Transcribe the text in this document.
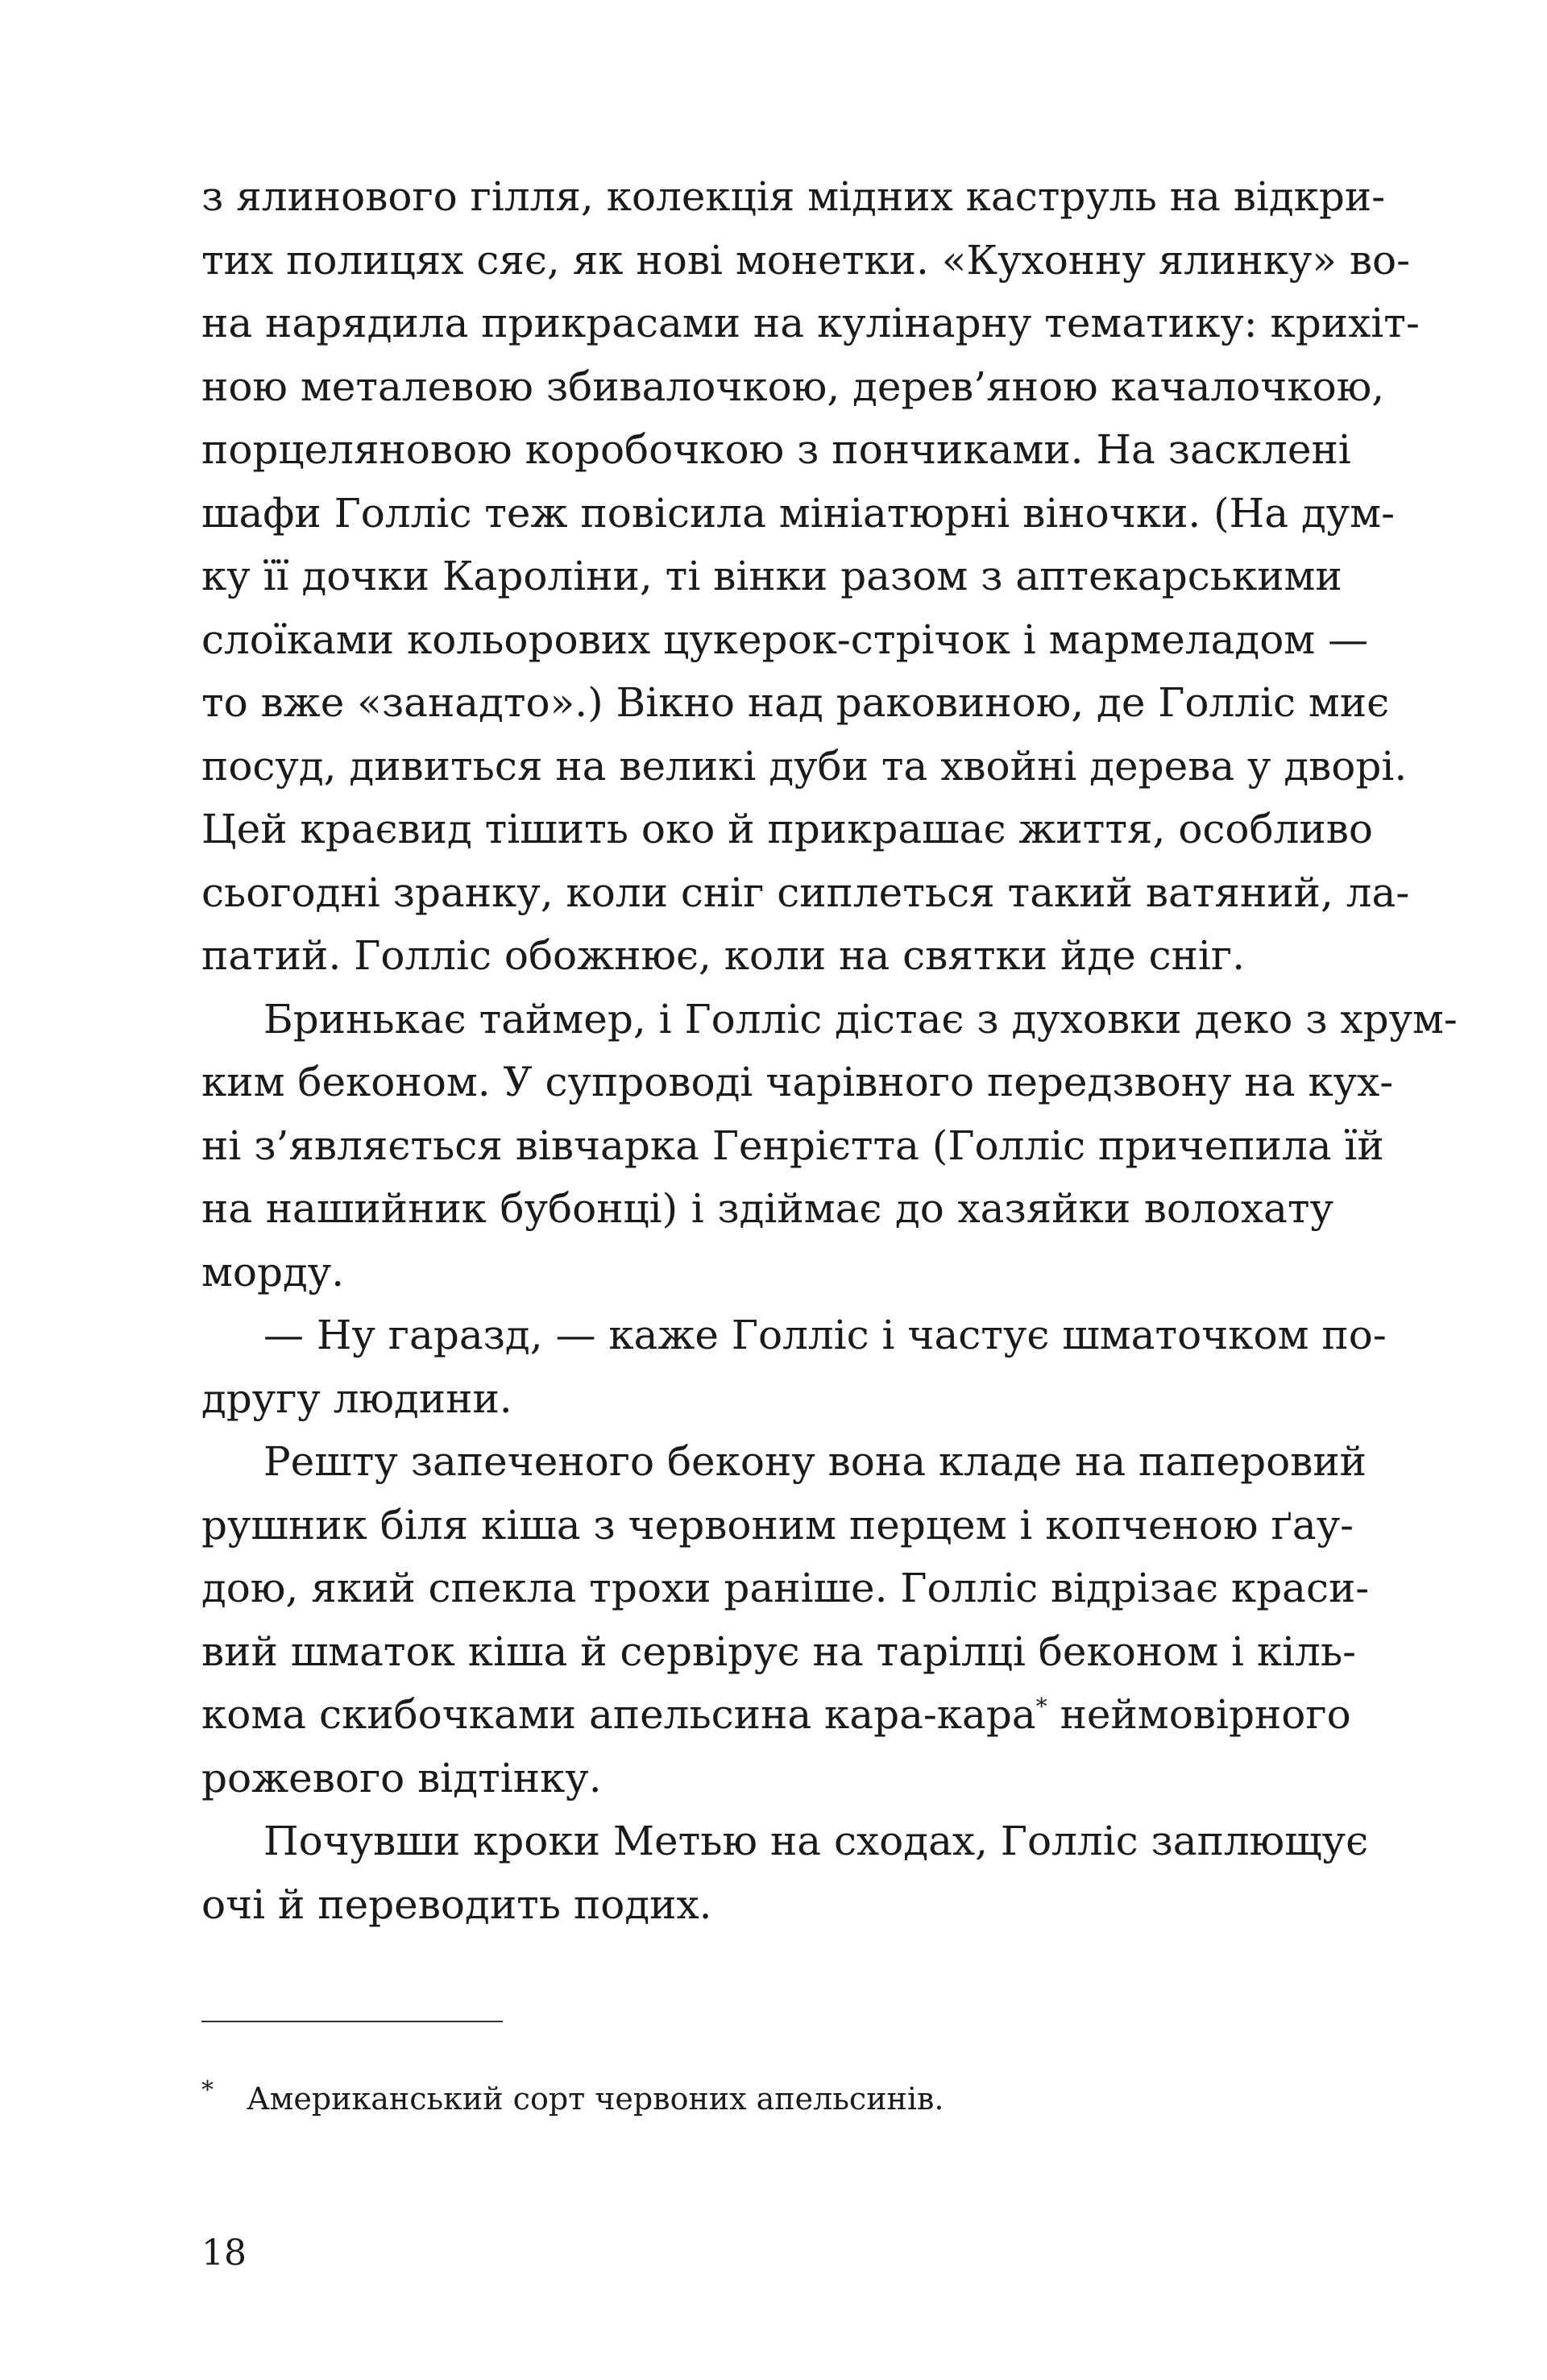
з ялинового гілля, колекція мідних каструль на відкри-
тих полицях сяє, як нові монетки. «Кухонну ялинку» во-
на нарядила прикрасами на кулінарну тематику: крихіт-
ною металевою збивалочкою, дерев’яною качалочкою,
порцеляновою коробочкою з пончиками. На засклені
шафи Голліс теж повісила мініатюрні віночки. (На дум-
ку її дочки Кароліни, ті вінки разом з аптекарськими
слоїками кольорових цукерок-стрічок і мармеладом —
то вже «занадто».) Вікно над раковиною, де Голліс миє
посуд, дивиться на великі дуби та хвойні дерева у дворі.
Цей краєвид тішить око й прикрашає життя, особливо
сьогодні зранку, коли сніг сиплеться такий ватяний, ла-
патий. Голліс обожнює, коли на святки йде сніг.
Бринькає таймер, і Голліс дістає з духовки деко з хрум-
ким беконом. У супроводі чарівного передзвону на кух-
ні з’являється вівчарка Генрієтта (Голліс причепила їй
на нашийник бубонці) і здіймає до хазяйки волохату
морду.
— Ну гаразд, — каже Голліс і частує шматочком по-
другу людини.
Решту запеченого бекону вона кладе на паперовий
рушник біля кіша з червоним перцем і копченою ґау-
дою, який спекла трохи раніше. Голліс відрізає краси-
вий шматок кіша й сервірує на тарілці беконом і кіль-
кома скибочками апельсина кара-кара* неймовірного
рожевого відтінку.
Почувши кроки Метью на сходах, Голліс заплющує
очі й переводить подих.
* Американський сорт червоних апельсинів.
18
